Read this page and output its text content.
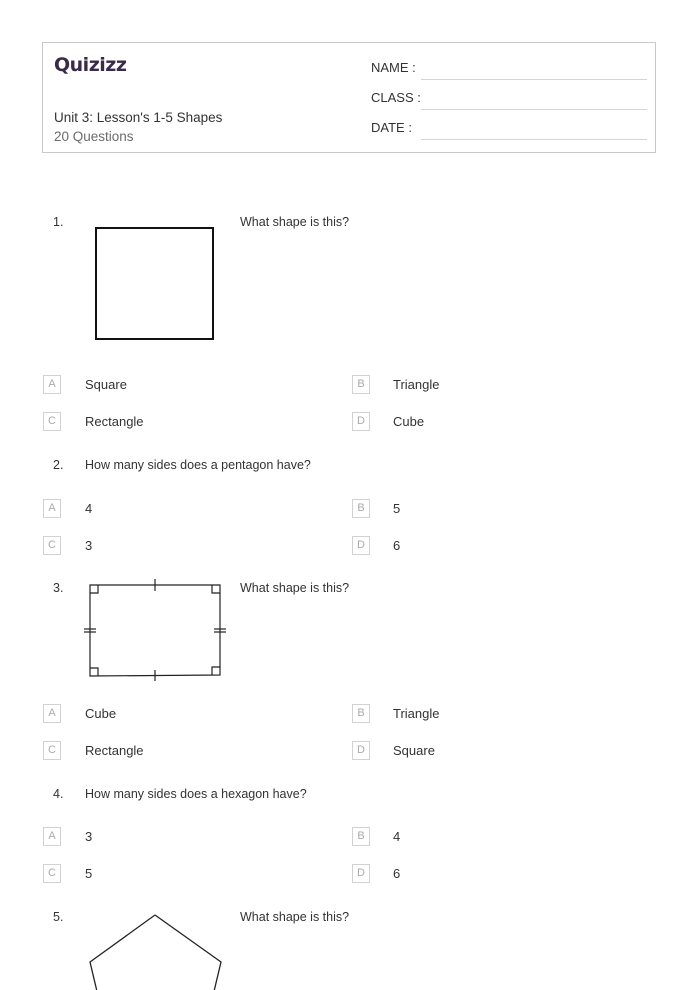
Quizizz
Unit 3: Lesson's 1-5 Shapes
20 Questions
NAME :
CLASS :
DATE :
1.	What shape is this?
A	Square	B	Triangle
C	Rectangle	D	Cube
2. How many sides does a pentagon have?
A	4	B	5
C	3	D	6
3.	What shape is this?
A	Cube	B	Triangle
C	Rectangle	D	Square
4. How many sides does a hexagon have?
A	3	B	4
C	5	D	6
5.	What shape is this?
